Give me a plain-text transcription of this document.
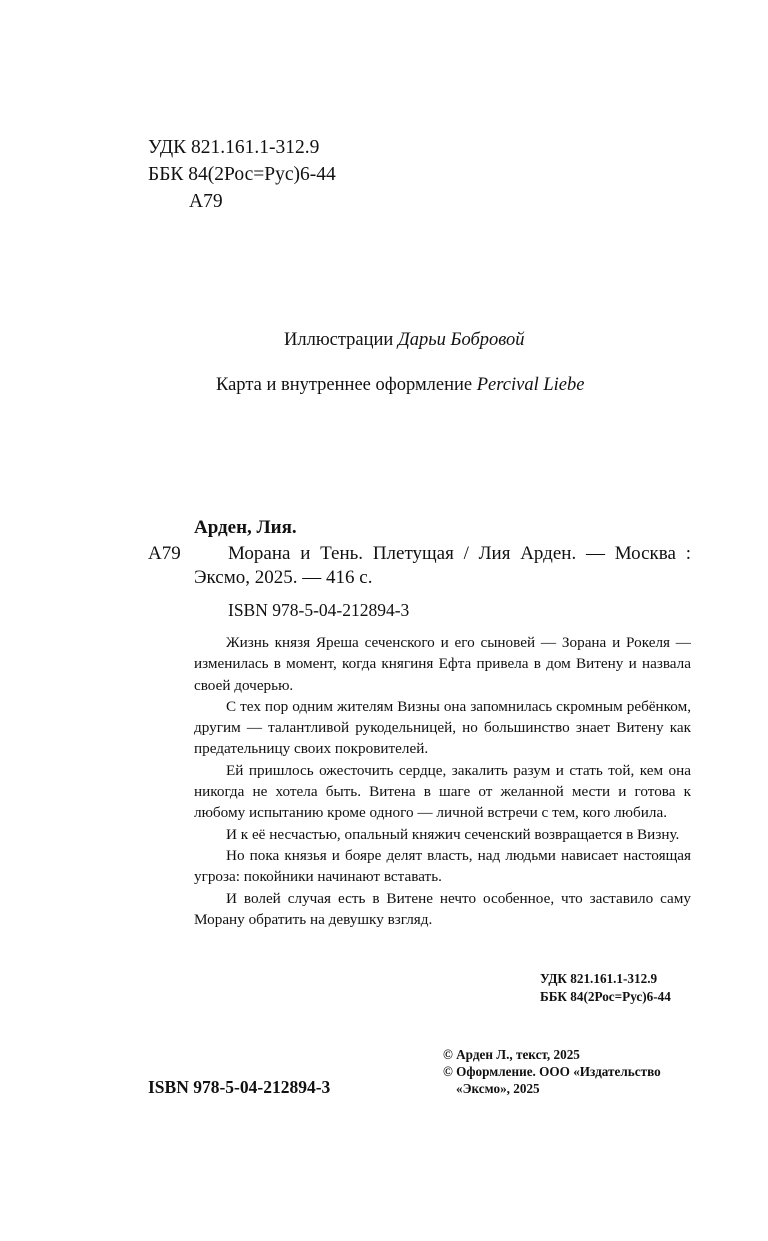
УДК 821.161.1-312.9
ББК 84(2Рос=Рус)6-44
А79
Иллюстрации Дарьи Бобровой
Карта и внутреннее оформление Percival Liebe
Арден, Лия.
А79 Морана и Тень. Плетущая / Лия Арден. — Москва :
Эксмо, 2025. — 416 с.
ISBN 978-5-04-212894-3

Жизнь князя Яреша сеченского и его сыновей — Зорана и Рокеля — изменилась в момент, когда княгиня Ефта привела в дом Витену и назвала своей дочерью.

С тех пор одним жителям Визны она запомнилась скромным ребёнком, другим — талантливой рукодельницей, но большинство знает Витену как предательницу своих покровителей.

Ей пришлось ожесточить сердце, закалить разум и стать той, кем она никогда не хотела быть. Витена в шаге от желанной мести и готова к любому испытанию кроме одного — личной встречи с тем, кого любила.

И к её несчастью, опальный княжич сеченский возвращается в Визну.

Но пока князья и бояре делят власть, над людьми нависает настоящая угроза: покойники начинают вставать.

И волей случая есть в Витене нечто особенное, что заставило саму Морану обратить на девушку взгляд.

УДК 821.161.1-312.9
ББК 84(2Рос=Рус)6-44
© Арден Л., текст, 2025
© Оформление. ООО «Издательство
«Эксмо», 2025
ISBN 978-5-04-212894-3
